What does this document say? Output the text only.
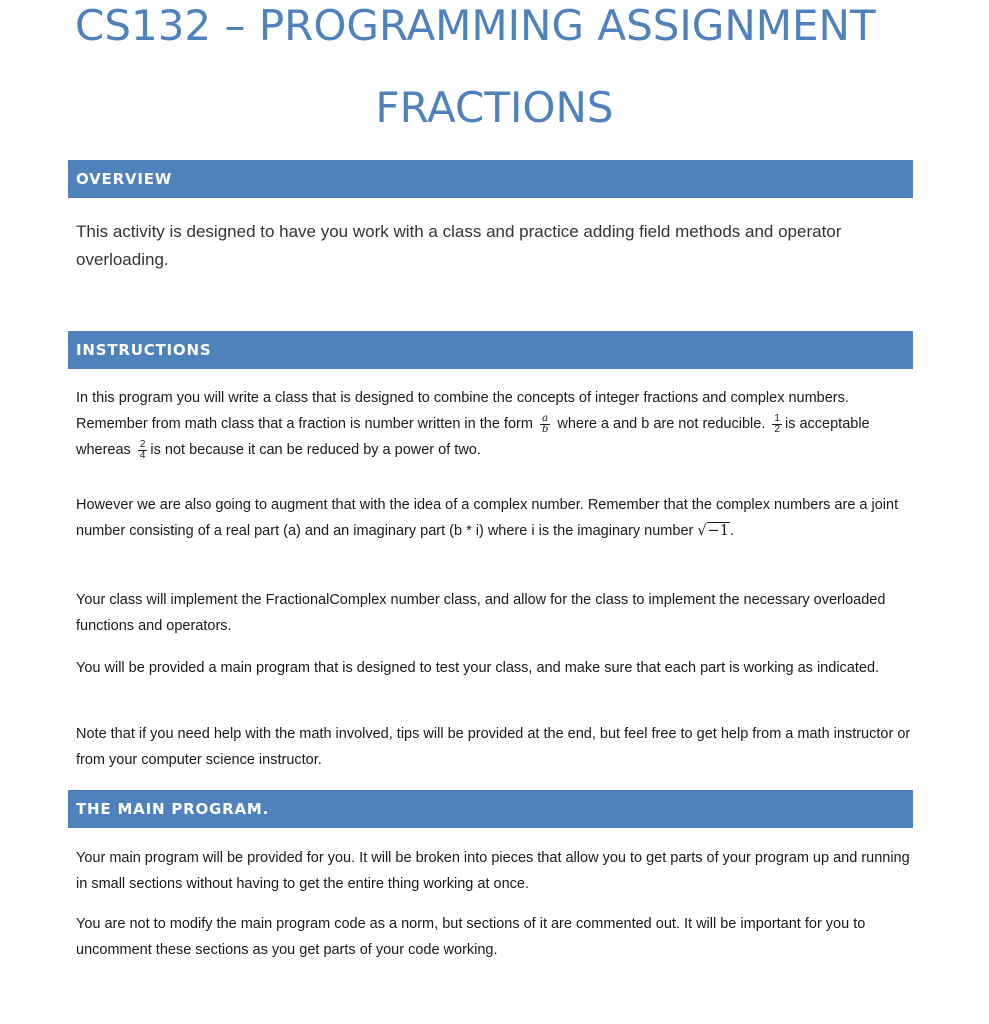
CS132 – PROGRAMMING ASSIGNMENT
FRACTIONS
OVERVIEW

This activity is designed to have you work with a class and practice adding field methods and operator overloading.

INSTRUCTIONS

In this program you will write a class that is designed to combine the concepts of integer fractions and complex numbers. Remember from math class that a fraction is number written in the form $\frac{a}{b}$ where a and b are not reducible. $\frac{1}{2}$ is acceptable whereas $\frac{2}{4}$ is not because it can be reduced by a power of two.

However we are also going to augment that with the idea of a complex number. Remember that the complex numbers are a joint number consisting of a real part (a) and an imaginary part (b * i) where i is the imaginary number √−1.

Your class will implement the FractionalComplex number class, and allow for the class to implement the necessary overloaded functions and operators.

You will be provided a main program that is designed to test your class, and make sure that each part is working as indicated.

Note that if you need help with the math involved, tips will be provided at the end, but feel free to get help from a math instructor or from your computer science instructor.

THE MAIN PROGRAM.

Your main program will be provided for you. It will be broken into pieces that allow you to get parts of your program up and running in small sections without having to get the entire thing working at once.

You are not to modify the main program code as a norm, but sections of it are commented out. It will be important for you to uncomment these sections as you get parts of your code working.
